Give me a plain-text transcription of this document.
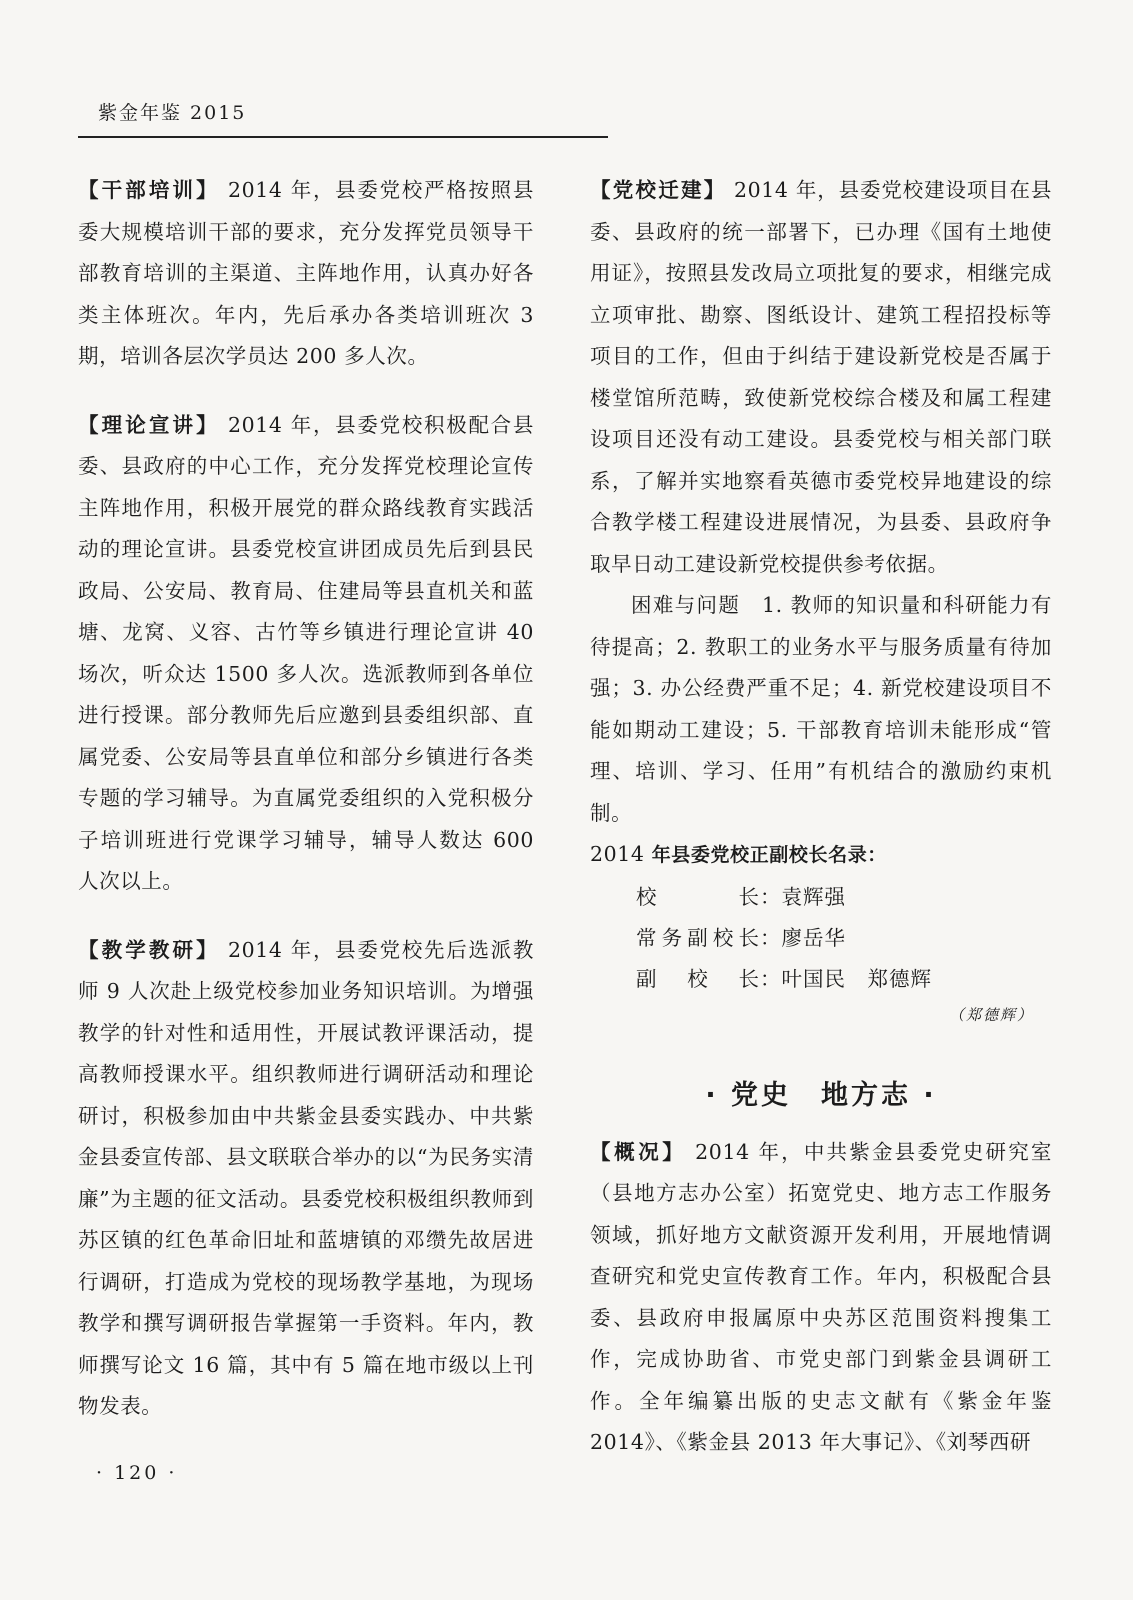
紫金年鉴 2015

【干部培训】 2014 年，县委党校严格按照县委大规模培训干部的要求，充分发挥党员领导干部教育培训的主渠道、主阵地作用，认真办好各类主体班次。年内，先后承办各类培训班次 3 期，培训各层次学员达 200 多人次。

【理论宣讲】 2014 年，县委党校积极配合县委、县政府的中心工作，充分发挥党校理论宣传主阵地作用，积极开展党的群众路线教育实践活动的理论宣讲。县委党校宣讲团成员先后到县民政局、公安局、教育局、住建局等县直机关和蓝塘、龙窝、义容、古竹等乡镇进行理论宣讲 40 场次，听众达 1500 多人次。选派教师到各单位进行授课。部分教师先后应邀到县委组织部、直属党委、公安局等县直单位和部分乡镇进行各类专题的学习辅导。为直属党委组织的入党积极分子培训班进行党课学习辅导，辅导人数达 600 人次以上。

【教学教研】 2014 年，县委党校先后选派教师 9 人次赴上级党校参加业务知识培训。为增强教学的针对性和适用性，开展试教评课活动，提高教师授课水平。组织教师进行调研活动和理论研讨，积极参加由中共紫金县委实践办、中共紫金县委宣传部、县文联联合举办的以“为民务实清廉”为主题的征文活动。县委党校积极组织教师到苏区镇的红色革命旧址和蓝塘镇的邓缵先故居进行调研，打造成为党校的现场教学基地，为现场教学和撰写调研报告掌握第一手资料。年内，教师撰写论文 16 篇，其中有 5 篇在地市级以上刊物发表。

【党校迁建】 2014 年，县委党校建设项目在县委、县政府的统一部署下，已办理《国有土地使用证》，按照县发改局立项批复的要求，相继完成立项审批、勘察、图纸设计、建筑工程招投标等项目的工作，但由于纠结于建设新党校是否属于楼堂馆所范畴，致使新党校综合楼及和属工程建设项目还没有动工建设。县委党校与相关部门联系，了解并实地察看英德市委党校异地建设的综合教学楼工程建设进展情况，为县委、县政府争取早日动工建设新党校提供参考依据。

困难与问题　1. 教师的知识量和科研能力有待提高；2. 教职工的业务水平与服务质量有待加强；3. 办公经费严重不足；4. 新党校建设项目不能如期动工建设；5. 干部教育培训未能形成“管理、培训、学习、任用”有机结合的激励约束机制。

2014 年县委党校正副校长名录：

校长：袁辉强
常务副校长：廖岳华
副校长：叶国民　郑德辉
（郑德辉）
· 党史　地方志 ·

【概况】 2014 年，中共紫金县委党史研究室（县地方志办公室）拓宽党史、地方志工作服务领域，抓好地方文献资源开发利用，开展地情调查研究和党史宣传教育工作。年内，积极配合县委、县政府申报属原中央苏区范围资料搜集工作，完成协助省、市党史部门到紫金县调研工作。全年编纂出版的史志文献有《紫金年鉴 2014》、《紫金县 2013 年大事记》、《刘琴西研

· 120 ·
